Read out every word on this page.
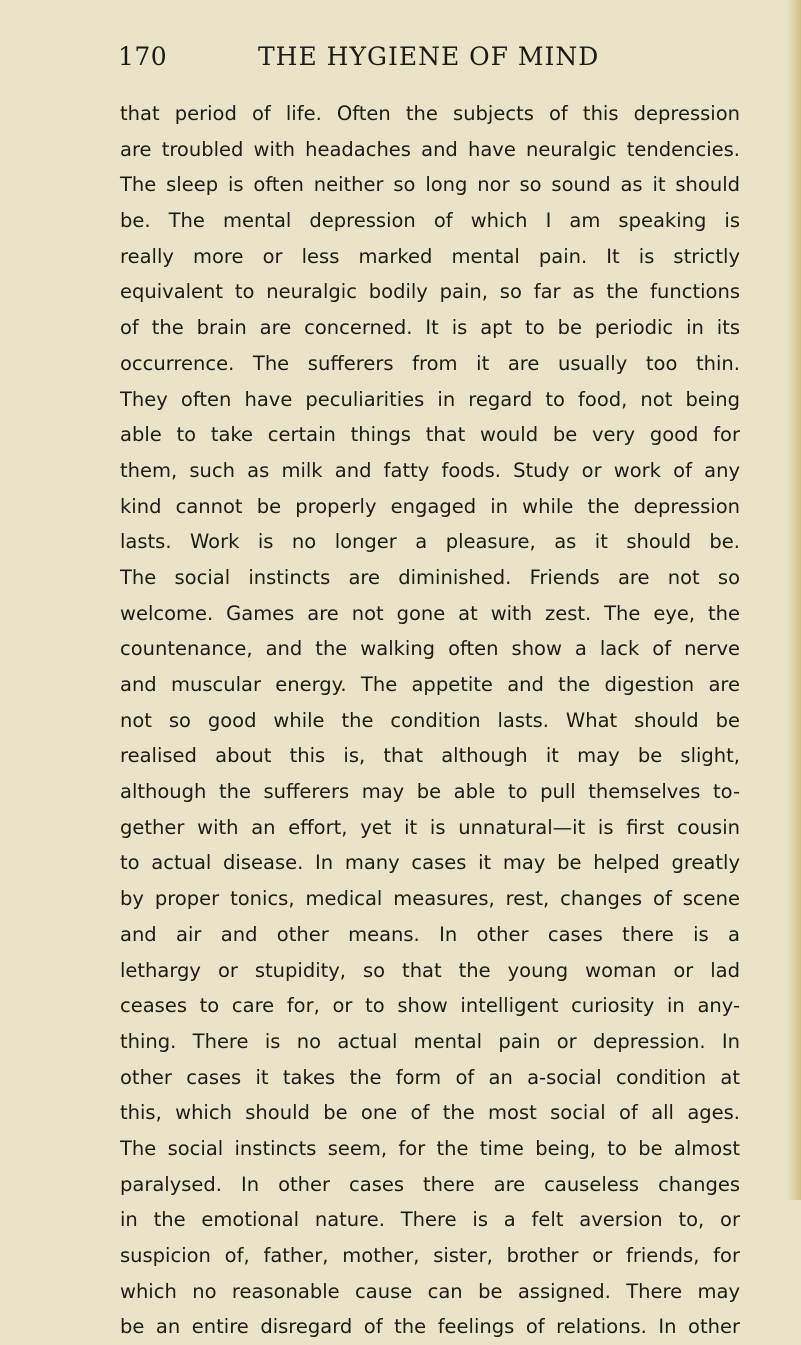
170	THE HYGIENE OF MIND
that period of life. Often the subjects of this depression
are troubled with headaches and have neuralgic tendencies.
The sleep is often neither so long nor so sound as it should
be. The mental depression of which I am speaking is
really more or less marked mental pain. It is strictly
equivalent to neuralgic bodily pain, so far as the functions
of the brain are concerned. It is apt to be periodic in its
occurrence. The sufferers from it are usually too thin.
They often have peculiarities in regard to food, not being
able to take certain things that would be very good for
them, such as milk and fatty foods. Study or work of any
kind cannot be properly engaged in while the depression
lasts. Work is no longer a pleasure, as it should be.
The social instincts are diminished. Friends are not so
welcome. Games are not gone at with zest. The eye, the
countenance, and the walking often show a lack of nerve
and muscular energy. The appetite and the digestion are
not so good while the condition lasts. What should be
realised about this is, that although it may be slight,
although the sufferers may be able to pull themselves to-
gether with an effort, yet it is unnatural—it is first cousin
to actual disease. In many cases it may be helped greatly
by proper tonics, medical measures, rest, changes of scene
and air and other means. In other cases there is a
lethargy or stupidity, so that the young woman or lad
ceases to care for, or to show intelligent curiosity in any-
thing. There is no actual mental pain or depression. In
other cases it takes the form of an a-social condition at
this, which should be one of the most social of all ages.
The social instincts seem, for the time being, to be almost
paralysed. In other cases there are causeless changes
in the emotional nature. There is a felt aversion to, or
suspicion of, father, mother, sister, brother or friends, for
which no reasonable cause can be assigned. There may
be an entire disregard of the feelings of relations. In other
